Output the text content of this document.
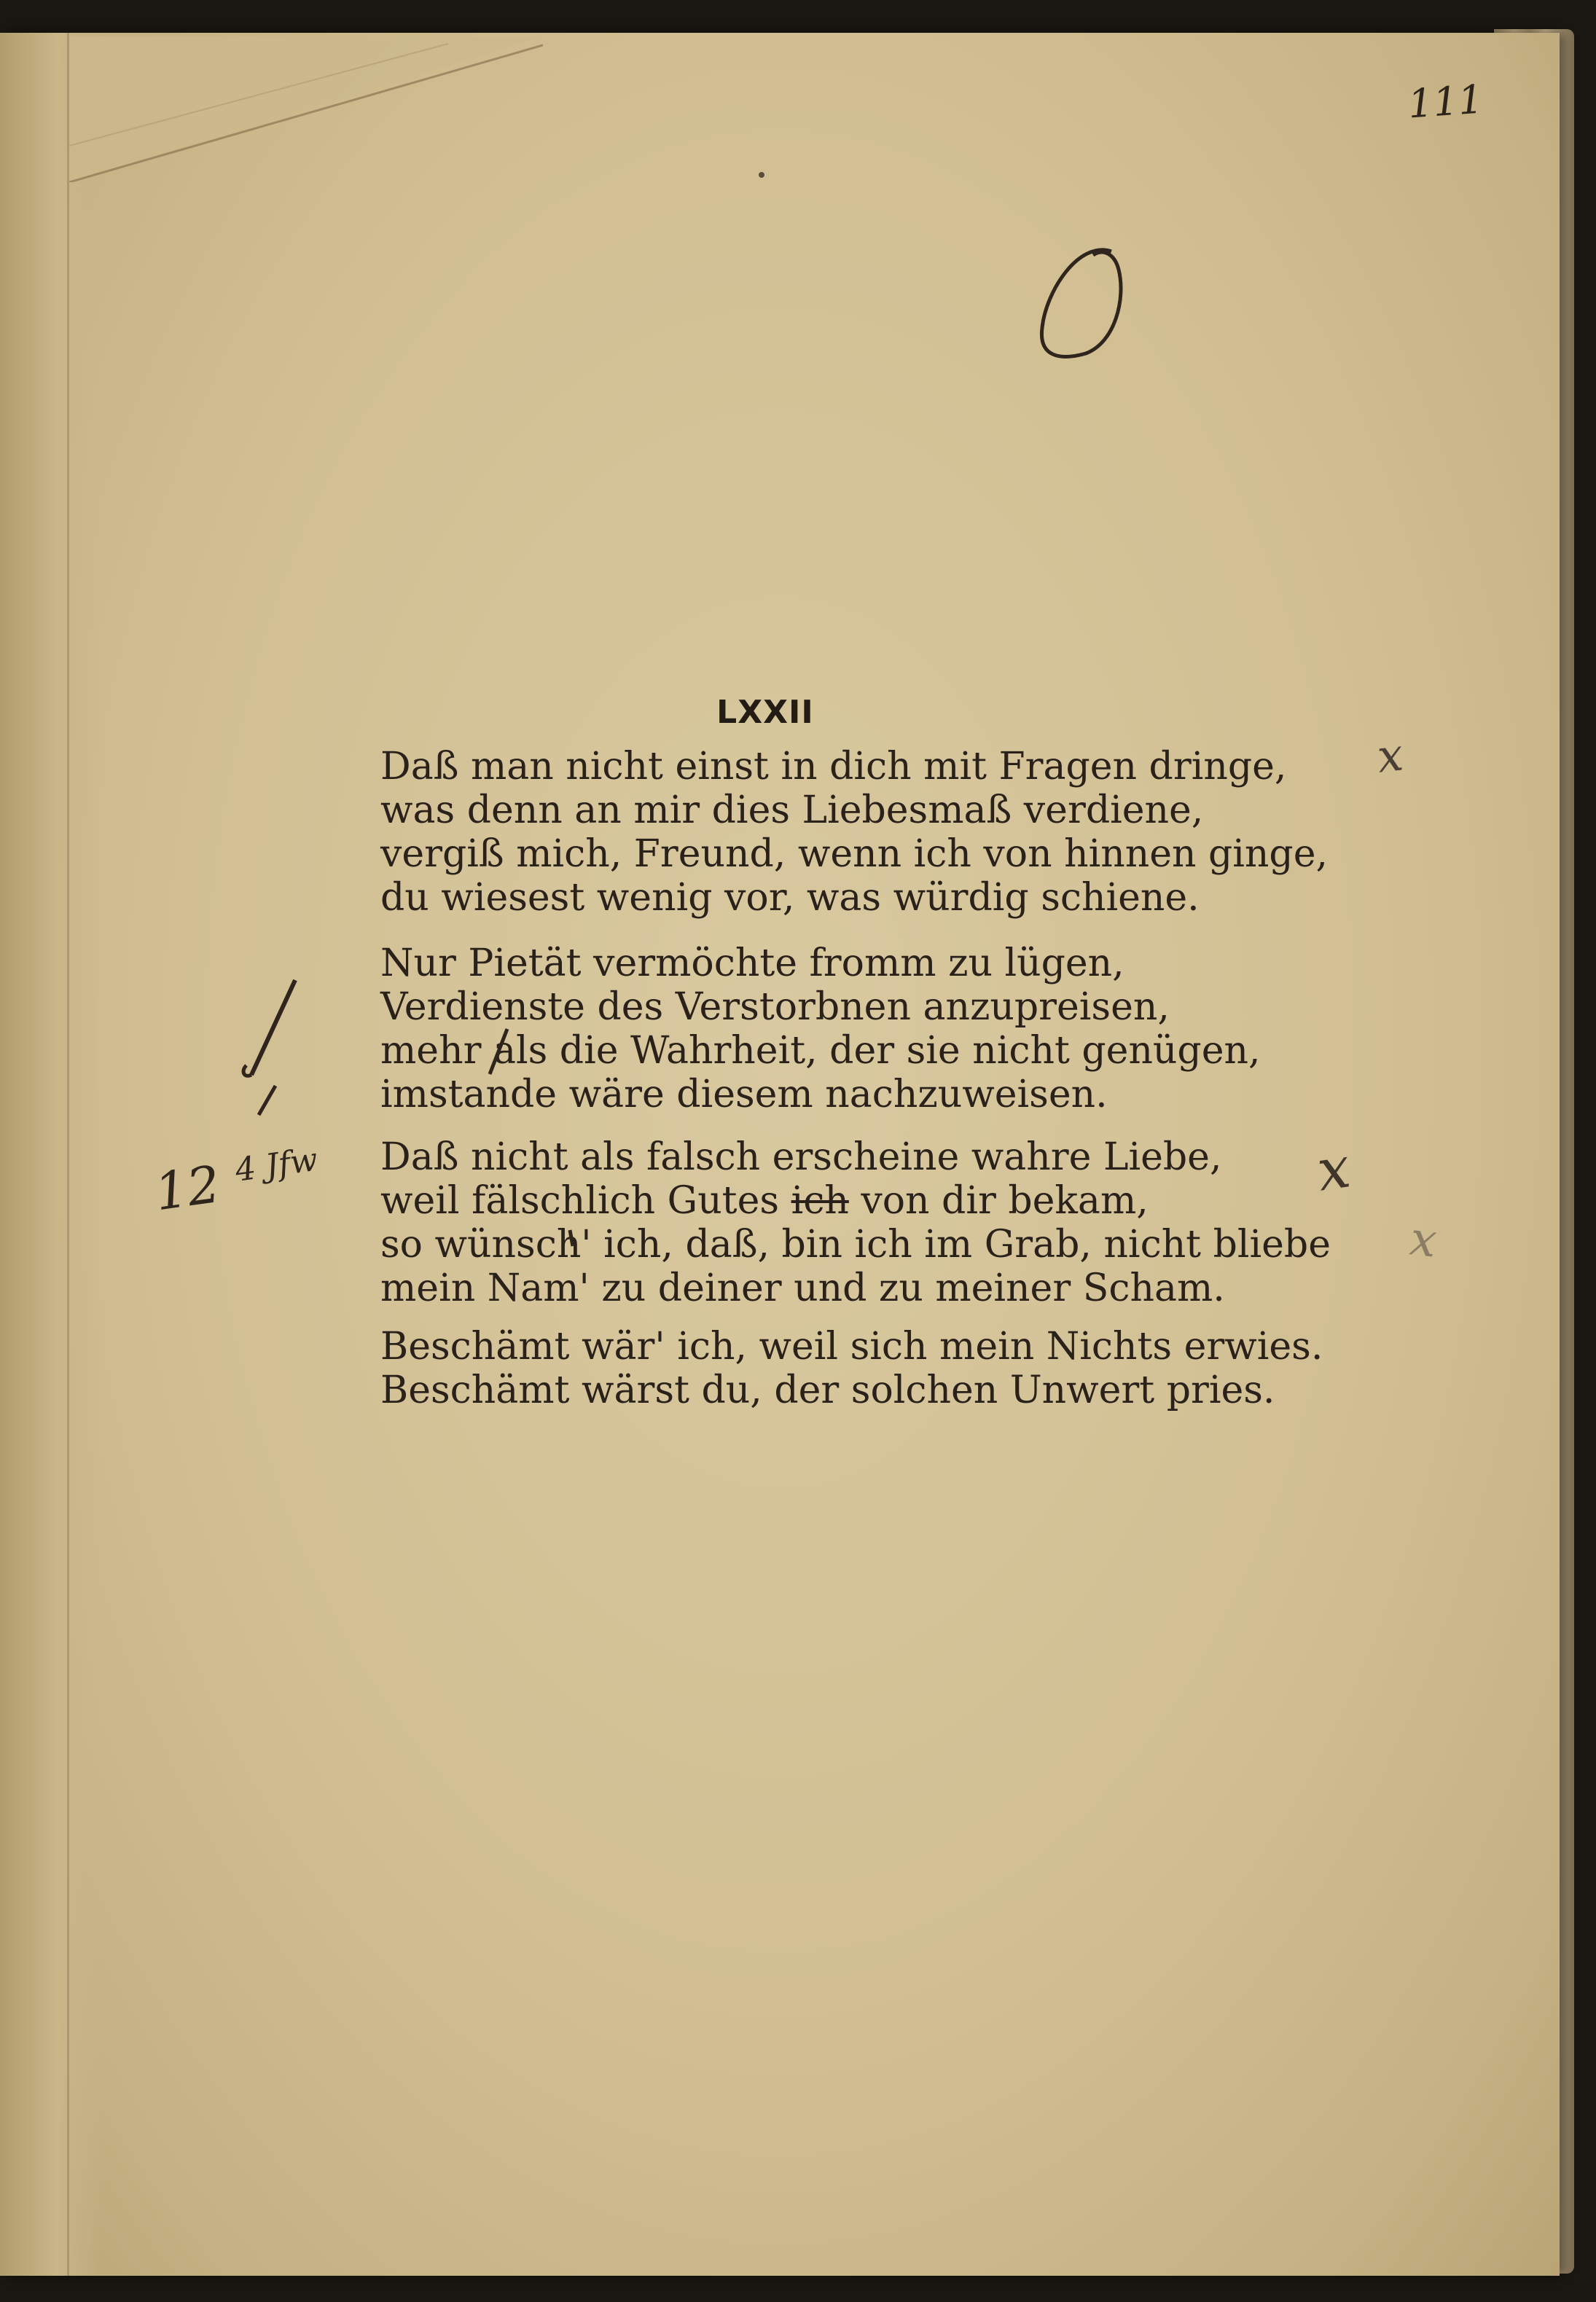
111
LXXII
Daß man nicht einst in dich mit Fragen dringe,
was denn an mir dies Liebesmaß verdiene,
vergiß mich, Freund, wenn ich von hinnen ginge,
du wiesest wenig vor, was würdig schiene.
Nur Pietät vermöchte fromm zu lügen,
Verdienste des Verstorbnen anzupreisen,
mehr als die Wahrheit, der sie nicht genügen,
imstande wäre diesem nachzuweisen.
Daß nicht als falsch erscheine wahre Liebe,
weil fälschlich Gutes ich von dir bekam,
so wünsch' ich, daß, bin ich im Grab, nicht bliebe
mein Nam' zu deiner und zu meiner Scham.
Beschämt wär' ich, weil sich mein Nichts erwies.
Beschämt wärst du, der solchen Unwert pries.
x
x
x
12 $^{4 Jfw}$
